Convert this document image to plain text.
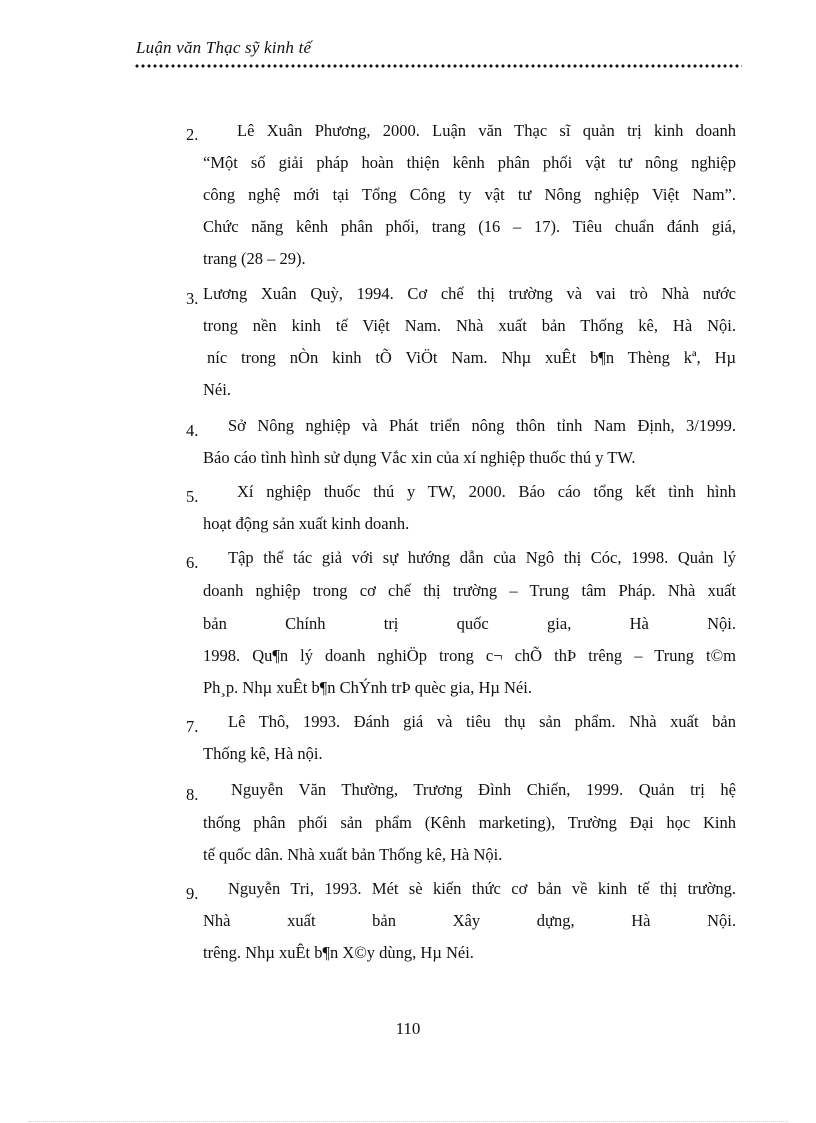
Luận văn Thạc sỹ kinh tế
2.	Lê Xuân Phương, 2000. Luận văn Thạc sĩ quản trị kinh doanh
“Một số giải pháp hoàn thiện kênh phân phối vật tư nông nghiệp
công nghệ mới tại Tổng Công ty vật tư Nông nghiệp Việt Nam”.
Chức năng kênh phân phối, trang (16 – 17). Tiêu chuẩn đánh giá,
trang (28 – 29).
3. Lương Xuân Quỳ, 1994. Cơ chế thị trường và vai trò Nhà nước
trong nền kinh tế Việt Nam. Nhà xuất bản Thống kê, Hà Nội.
níc trong nÒn kinh tÕ ViÖt Nam. Nhµ xuÊt b¶n Thèng kª, Hµ
Néi.
4. Sở Nông nghiệp và Phát triển nông thôn tỉnh Nam Định, 3/1999.
Báo cáo tình hình sử dụng Vắc xin của xí nghiệp thuốc thú y TW.
5. Xí nghiệp thuốc thú y TW, 2000. Báo cáo tổng kết tình hình
hoạt động sản xuất kinh doanh.
6. Tập thể tác giả với sự hướng dẫn của Ngô thị Cóc, 1998. Quản lý
doanh nghiệp trong cơ chế thị trường – Trung tâm Pháp. Nhà xuất
bản Chính trị quốc gia, Hà Nội.
1998. Qu¶n lý doanh nghiÖp trong c¬ chÕ thÞ trêng – Trung t©m
Ph¸p. Nhµ xuÊt b¶n ChÝnh trÞ quèc gia, Hµ Néi.
7. Lê Thô, 1993. Đánh giá và tiêu thụ sản phẩm. Nhà xuất bản
Thống kê, Hà nội.
8. Nguyễn Văn Thường, Trương Đình Chiến, 1999. Quản trị hệ
thống phân phối sản phẩm (Kênh marketing), Trường Đại học Kinh
tế quốc dân. Nhà xuất bản Thống kê, Hà Nội.
9. Nguyễn Tri, 1993. Mét sè kiến thức cơ bản về kinh tế thị trường.
Nhà xuất bản Xây dựng, Hà Nội.
trêng. Nhµ xuÊt b¶n X©y dùng, Hµ Néi.
110
